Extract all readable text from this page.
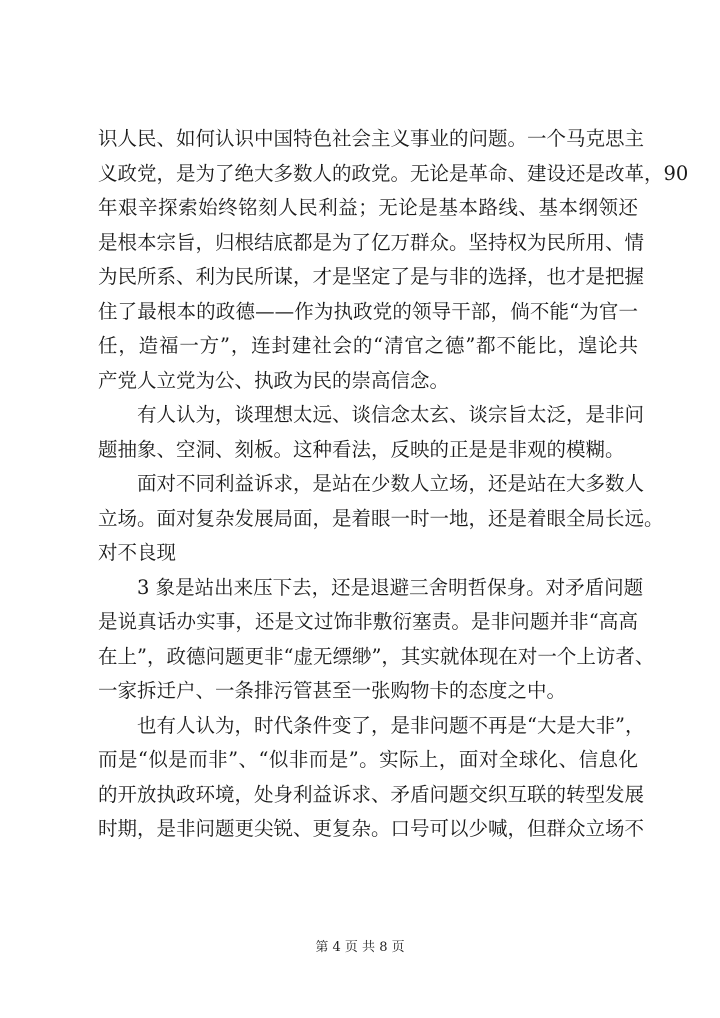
识人民、如何认识中国特色社会主义事业的问题。一个马克思主
义政党，是为了绝大多数人的政党。无论是革命、建设还是改革，90
年艰辛探索始终铭刻人民利益；无论是基本路线、基本纲领还
是根本宗旨，归根结底都是为了亿万群众。坚持权为民所用、情
为民所系、利为民所谋，才是坚定了是与非的选择，也才是把握
住了最根本的政德——作为执政党的领导干部，倘不能“为官一
任，造福一方”，连封建社会的“清官之德”都不能比，遑论共
产党人立党为公、执政为民的崇高信念。
有人认为，谈理想太远、谈信念太玄、谈宗旨太泛，是非问
题抽象、空洞、刻板。这种看法，反映的正是是非观的模糊。
面对不同利益诉求，是站在少数人立场，还是站在大多数人
立场。面对复杂发展局面，是着眼一时一地，还是着眼全局长远。
对不良现
3 象是站出来压下去，还是退避三舍明哲保身。对矛盾问题
是说真话办实事，还是文过饰非敷衍塞责。是非问题并非“高高
在上”，政德问题更非“虚无缥缈”，其实就体现在对一个上访者、
一家拆迁户、一条排污管甚至一张购物卡的态度之中。
也有人认为，时代条件变了，是非问题不再是“大是大非”，
而是“似是而非”、“似非而是”。实际上，面对全球化、信息化
的开放执政环境，处身利益诉求、矛盾问题交织互联的转型发展
时期，是非问题更尖锐、更复杂。口号可以少喊，但群众立场不
第 4 页 共 8 页
